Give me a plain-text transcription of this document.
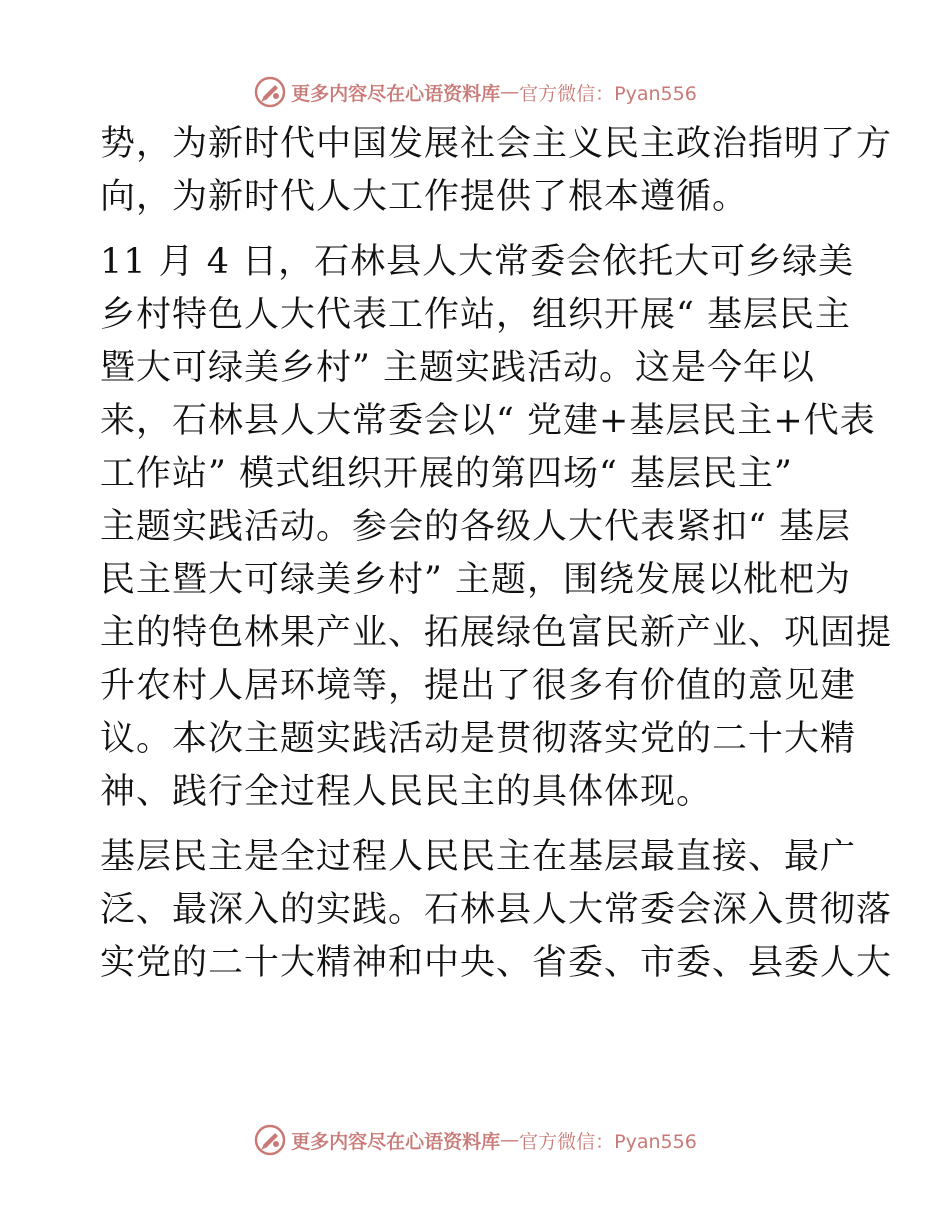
更多内容尽在心语资料库 — 官方微信：Pyan556
势，为新时代中国发展社会主义民主政治指明了方
向，为新时代人大工作提供了根本遵循。
11 月 4 日，石林县人大常委会依托大可乡绿美
乡村特色人大代表工作站，组织开展“ 基层民主
暨大可绿美乡村” 主题实践活动。这是今年以
来，石林县人大常委会以“ 党建+基层民主+代表
工作站” 模式组织开展的第四场“ 基层民主”
主题实践活动。参会的各级人大代表紧扣“ 基层
民主暨大可绿美乡村” 主题，围绕发展以枇杷为
主的特色林果产业、拓展绿色富民新产业、巩固提
升农村人居环境等，提出了很多有价值的意见建
议。本次主题实践活动是贯彻落实党的二十大精
神、践行全过程人民民主的具体体现。
基层民主是全过程人民民主在基层最直接、最广
泛、最深入的实践。石林县人大常委会深入贯彻落
实党的二十大精神和中央、省委、市委、县委人大
更多内容尽在心语资料库 — 官方微信：Pyan556
